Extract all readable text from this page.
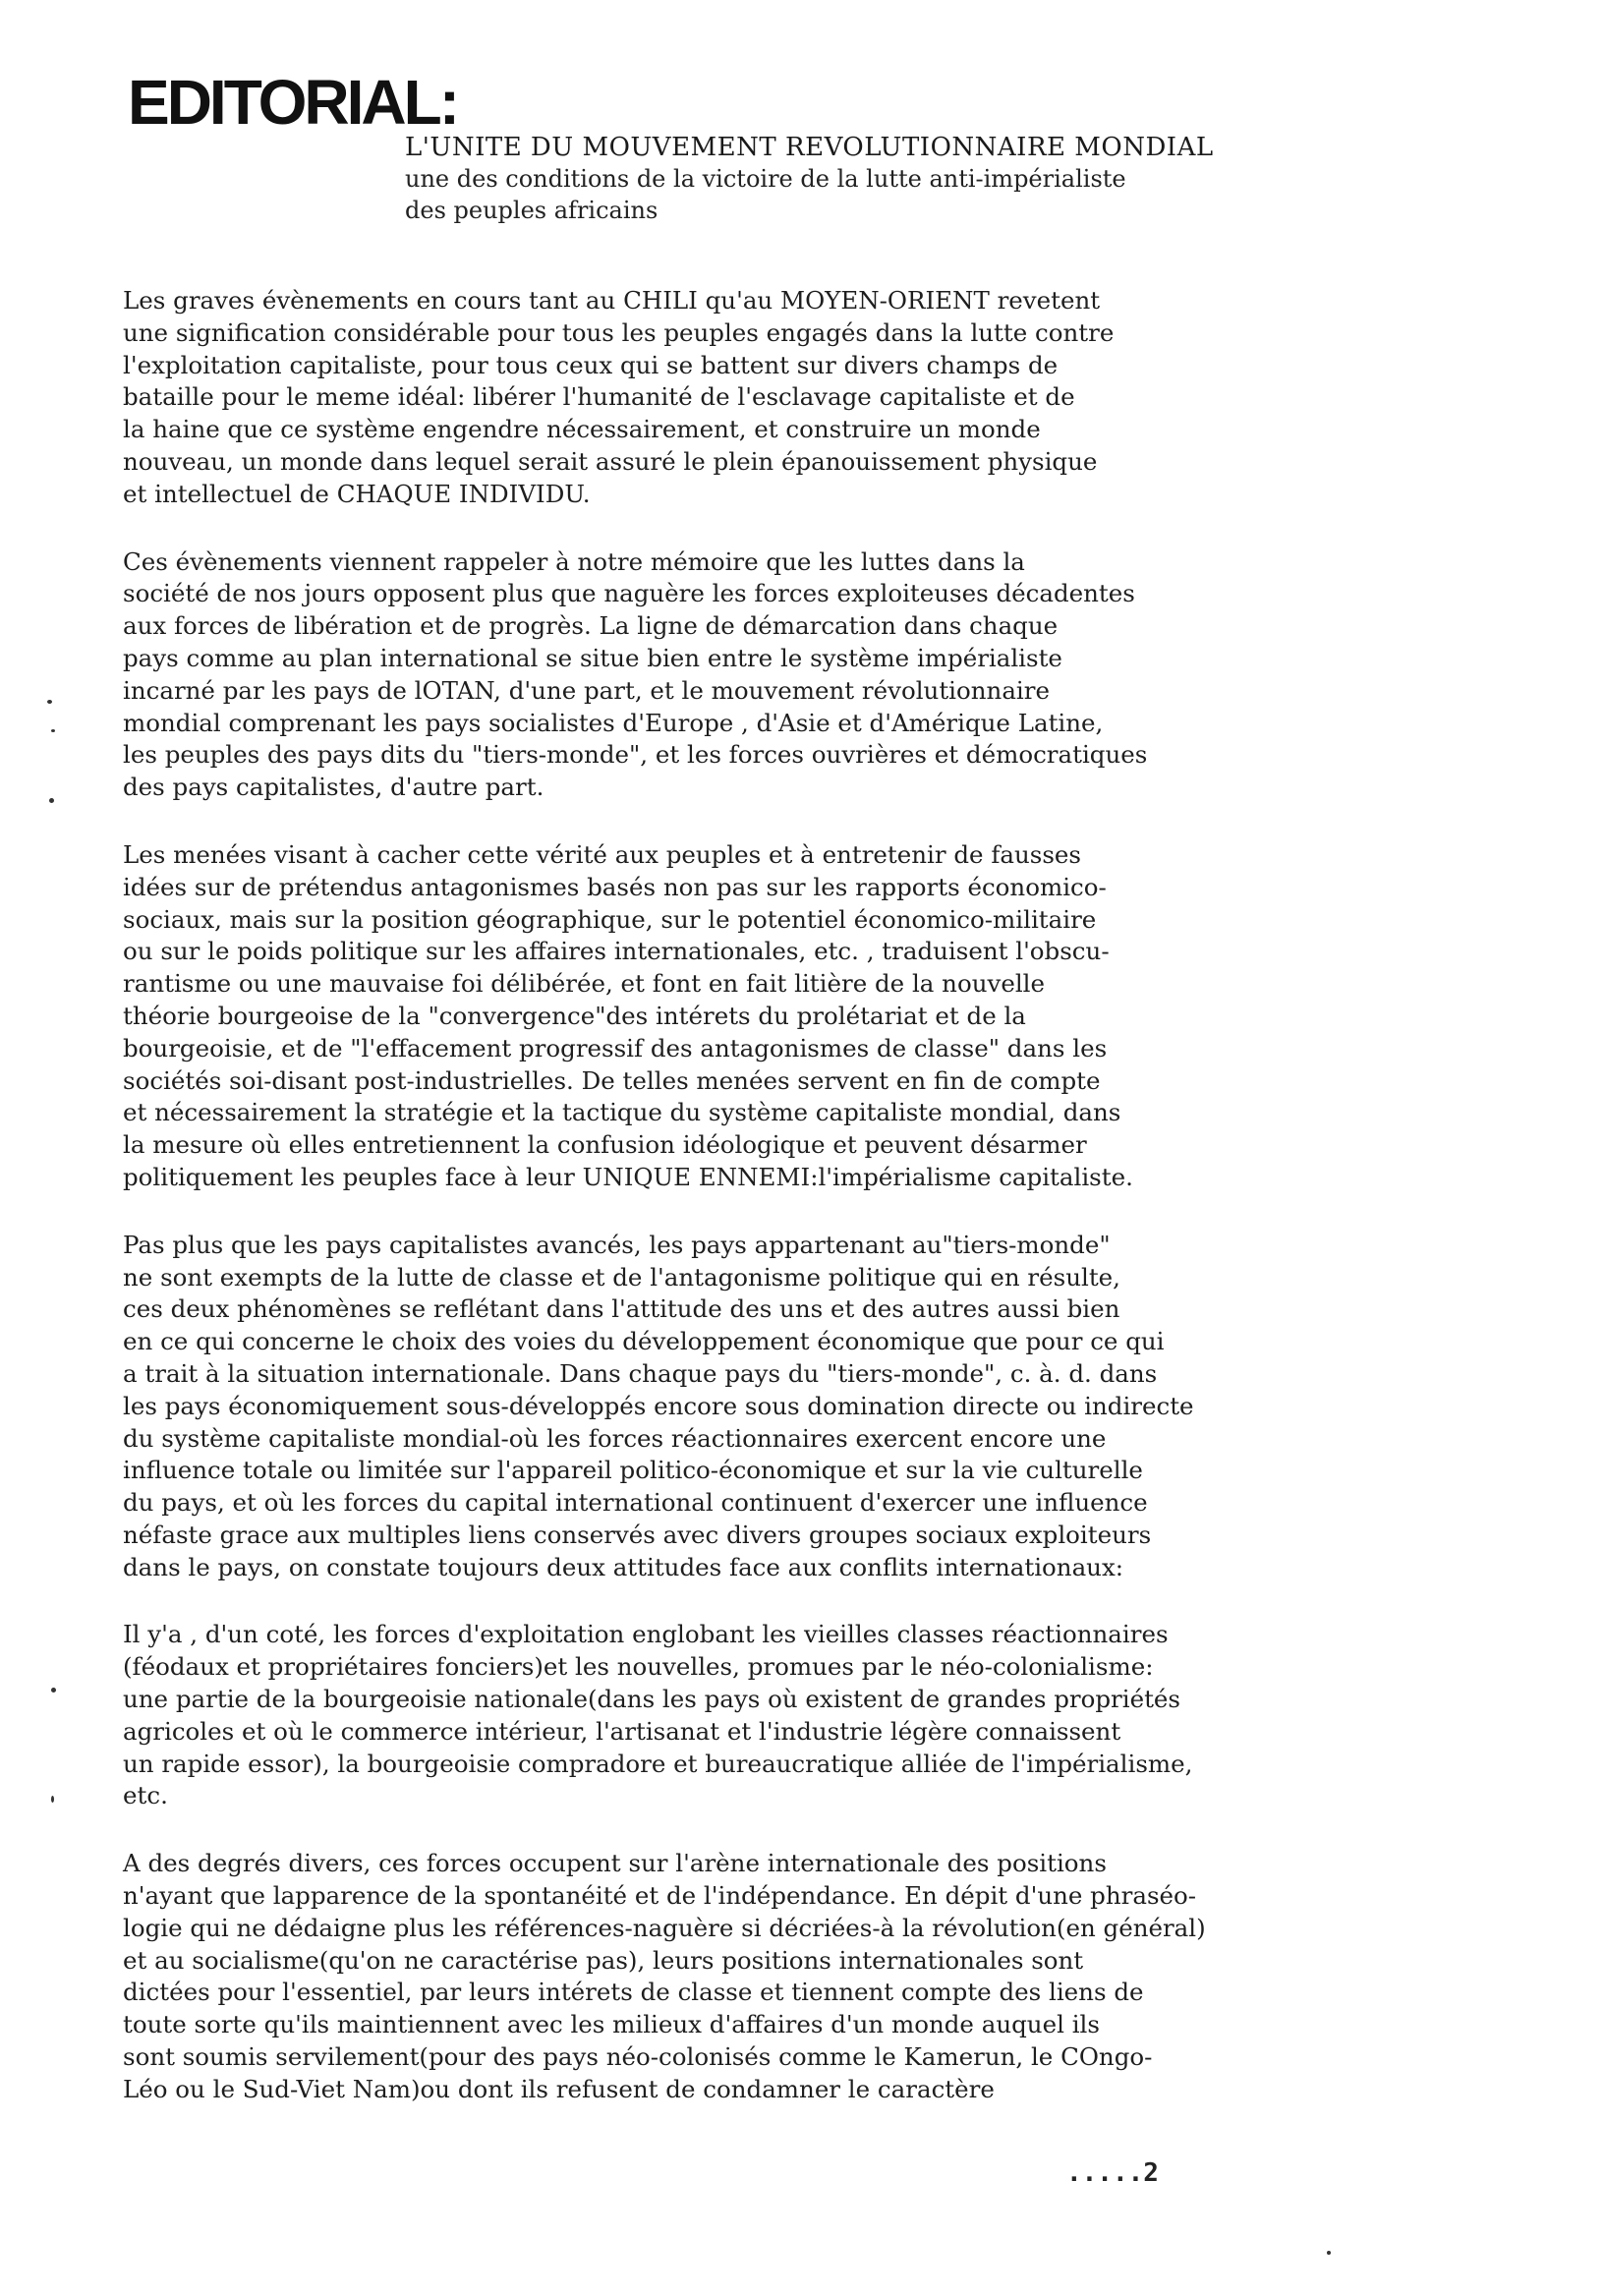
EDITORIAL:
L'UNITE DU MOUVEMENT REVOLUTIONNAIRE MONDIAL
une des conditions de la victoire de la lutte anti-impérialiste
des peuples africains
Les graves évènements en cours tant au CHILI qu'au MOYEN-ORIENT revetent
une signification considérable pour tous les peuples engagés dans la lutte contre
l'exploitation capitaliste, pour tous ceux qui se battent sur divers champs de
bataille pour le meme idéal: libérer l'humanité de l'esclavage capitaliste et de
la haine que ce système engendre nécessairement, et construire un monde
nouveau, un monde dans lequel serait assuré le plein épanouissement physique
et intellectuel de CHAQUE INDIVIDU.
Ces évènements viennent rappeler à notre mémoire que les luttes dans la
société de nos jours opposent plus que naguère les forces exploiteuses décadentes
aux forces de libération et de progrès. La ligne de démarcation dans chaque
pays comme au plan international se situe bien entre le système impérialiste
incarné par les pays de lOTAN, d'une part, et le mouvement révolutionnaire
mondial comprenant les pays socialistes d'Europe , d'Asie et d'Amérique Latine,
les peuples des pays dits du "tiers-monde", et les forces ouvrières et démocratiques
des pays capitalistes, d'autre part.
Les menées visant à cacher cette vérité aux peuples et à entretenir de fausses
idées sur de prétendus antagonismes basés non pas sur les rapports économico-
sociaux, mais sur la position géographique, sur le potentiel économico-militaire
ou sur le poids politique sur les affaires internationales, etc. , traduisent l'obscu-
rantisme ou une mauvaise foi délibérée, et font en fait litière de la nouvelle
théorie bourgeoise de la "convergence"des intérets du prolétariat et de la
bourgeoisie, et de "l'effacement progressif des antagonismes de classe" dans les
sociétés soi-disant post-industrielles. De telles menées servent en fin de compte
et nécessairement la stratégie et la tactique du système capitaliste mondial, dans
la mesure où elles entretiennent la confusion idéologique et peuvent désarmer
politiquement les peuples face à leur UNIQUE ENNEMI:l'impérialisme capitaliste.
Pas plus que les pays capitalistes avancés, les pays appartenant au"tiers-monde"
ne sont exempts de la lutte de classe et de l'antagonisme politique qui en résulte,
ces deux phénomènes se reflétant dans l'attitude des uns et des autres aussi bien
en ce qui concerne le choix des voies du développement économique que pour ce qui
a trait à la situation internationale. Dans chaque pays du "tiers-monde", c. à. d. dans
les pays économiquement sous-développés encore sous domination directe ou indirecte
du système capitaliste mondial-où les forces réactionnaires exercent encore une
influence totale ou limitée sur l'appareil politico-économique et sur la vie culturelle
du pays, et où les forces du capital international continuent d'exercer une influence
néfaste grace aux multiples liens conservés avec divers groupes sociaux exploiteurs
dans le pays, on constate toujours deux attitudes face aux conflits internationaux:
Il y'a , d'un coté, les forces d'exploitation englobant les vieilles classes réactionnaires
(féodaux et propriétaires fonciers)et les nouvelles, promues par le néo-colonialisme:
une partie de la bourgeoisie nationale(dans les pays où existent de grandes propriétés
agricoles et où le commerce intérieur, l'artisanat et l'industrie légère connaissent
un rapide essor), la bourgeoisie compradore et bureaucratique alliée de l'impérialisme,
etc.
A des degrés divers, ces forces occupent sur l'arène internationale des positions
n'ayant que lapparence de la spontanéité et de l'indépendance. En dépit d'une phraséo-
logie qui ne dédaigne plus les références-naguère si décriées-à la révolution(en général)
et au socialisme(qu'on ne caractérise pas), leurs positions internationales sont
dictées pour l'essentiel, par leurs intérets de classe et tiennent compte des liens de
toute sorte qu'ils maintiennent avec les milieux d'affaires d'un monde auquel ils
sont soumis servilement(pour des pays néo-colonisés comme le Kamerun, le COngo-
Léo ou le Sud-Viet Nam)ou dont ils refusent de condamner le caractère
.....2
